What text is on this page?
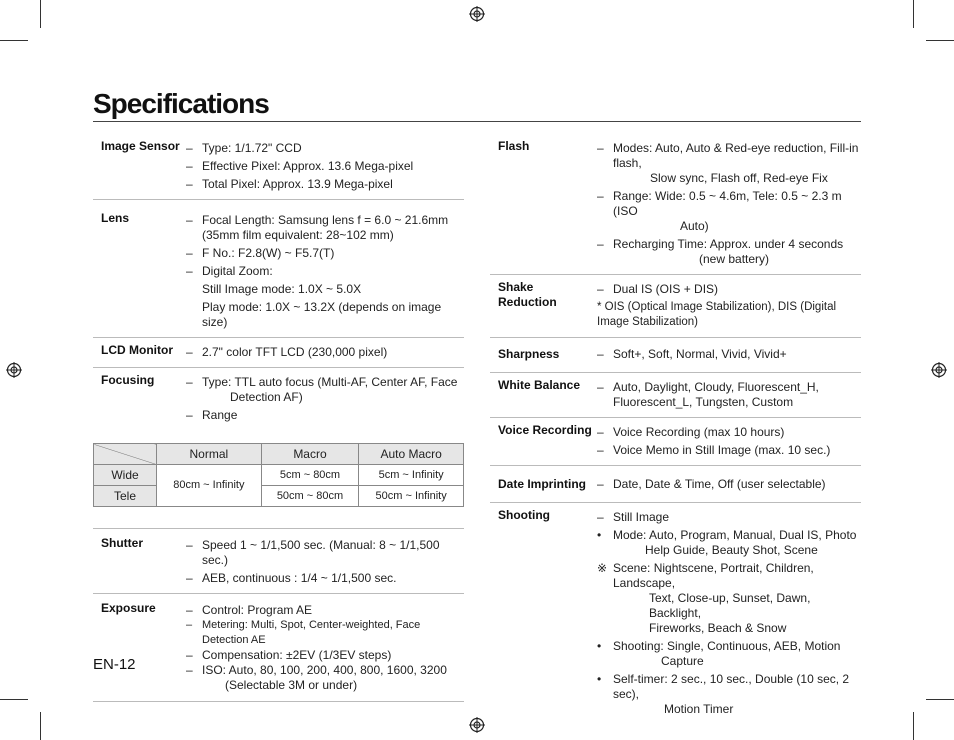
Specifications
Image Sensor – Type: 1/1.72" CCD
– Effective Pixel: Approx. 13.6 Mega-pixel
– Total Pixel: Approx. 13.9 Mega-pixel
Lens	– Focal Length: Samsung lens f = 6.0 ~ 21.6mm (35mm film equivalent: 28~102 mm)
– F No.: F2.8(W) ~ F5.7(T)
– Digital Zoom:
Still Image mode: 1.0X ~ 5.0X
Play mode: 1.0X ~ 13.2X (depends on image size)
LCD Monitor	– 2.7" color TFT LCD (230,000 pixel)
Focusing	– Type: TTL auto focus (Multi-AF, Center AF, Face
Detection AF)
– Range
	Normal	Macro	Auto Macro
Wide	80cm ~ Infinity	5cm ~ 80cm	5cm ~ Infinity
Tele		50cm ~ 80cm	50cm ~ Infinity
Shutter	– Speed 1 ~ 1/1,500 sec. (Manual: 8 ~ 1/1,500 sec.)
– AEB, continuous : 1/4 ~ 1/1,500 sec.
Exposure	– Control: Program AE
– Metering: Multi, Spot, Center-weighted, Face Detection AE
– Compensation: ±2EV (1/3EV steps)
– ISO: Auto, 80, 100, 200, 400, 800, 1600, 3200
(Selectable 3M or under)
Flash	– Modes: Auto, Auto & Red-eye reduction, Fill-in flash,
Slow sync, Flash off, Red-eye Fix
– Range: Wide: 0.5 ~ 4.6m, Tele: 0.5 ~ 2.3 m (ISO
Auto)
– Recharging Time: Approx. under 4 seconds
(new battery)
Shake Reduction
– Dual IS (OIS + DIS)
* OIS (Optical Image Stabilization), DIS (Digital Image Stabilization)
Sharpness	– Soft+, Soft, Normal, Vivid, Vivid+
White Balance	– Auto, Daylight, Cloudy, Fluorescent_H, Fluorescent_L, Tungsten, Custom
Voice Recording – Voice Recording (max 10 hours)
– Voice Memo in Still Image (max. 10 sec.)
Date Imprinting – Date, Date & Time, Off (user selectable)
Shooting	– Still Image
• Mode: Auto, Program, Manual, Dual IS, Photo
Help Guide, Beauty Shot, Scene
※ Scene: Nightscene, Portrait, Children, Landscape,
Text, Close-up, Sunset, Dawn, Backlight,
Fireworks, Beach & Snow
• Shooting: Single, Continuous, AEB, Motion
Capture
• Self-timer: 2 sec., 10 sec., Double (10 sec, 2 sec),
Motion Timer
EN-12
